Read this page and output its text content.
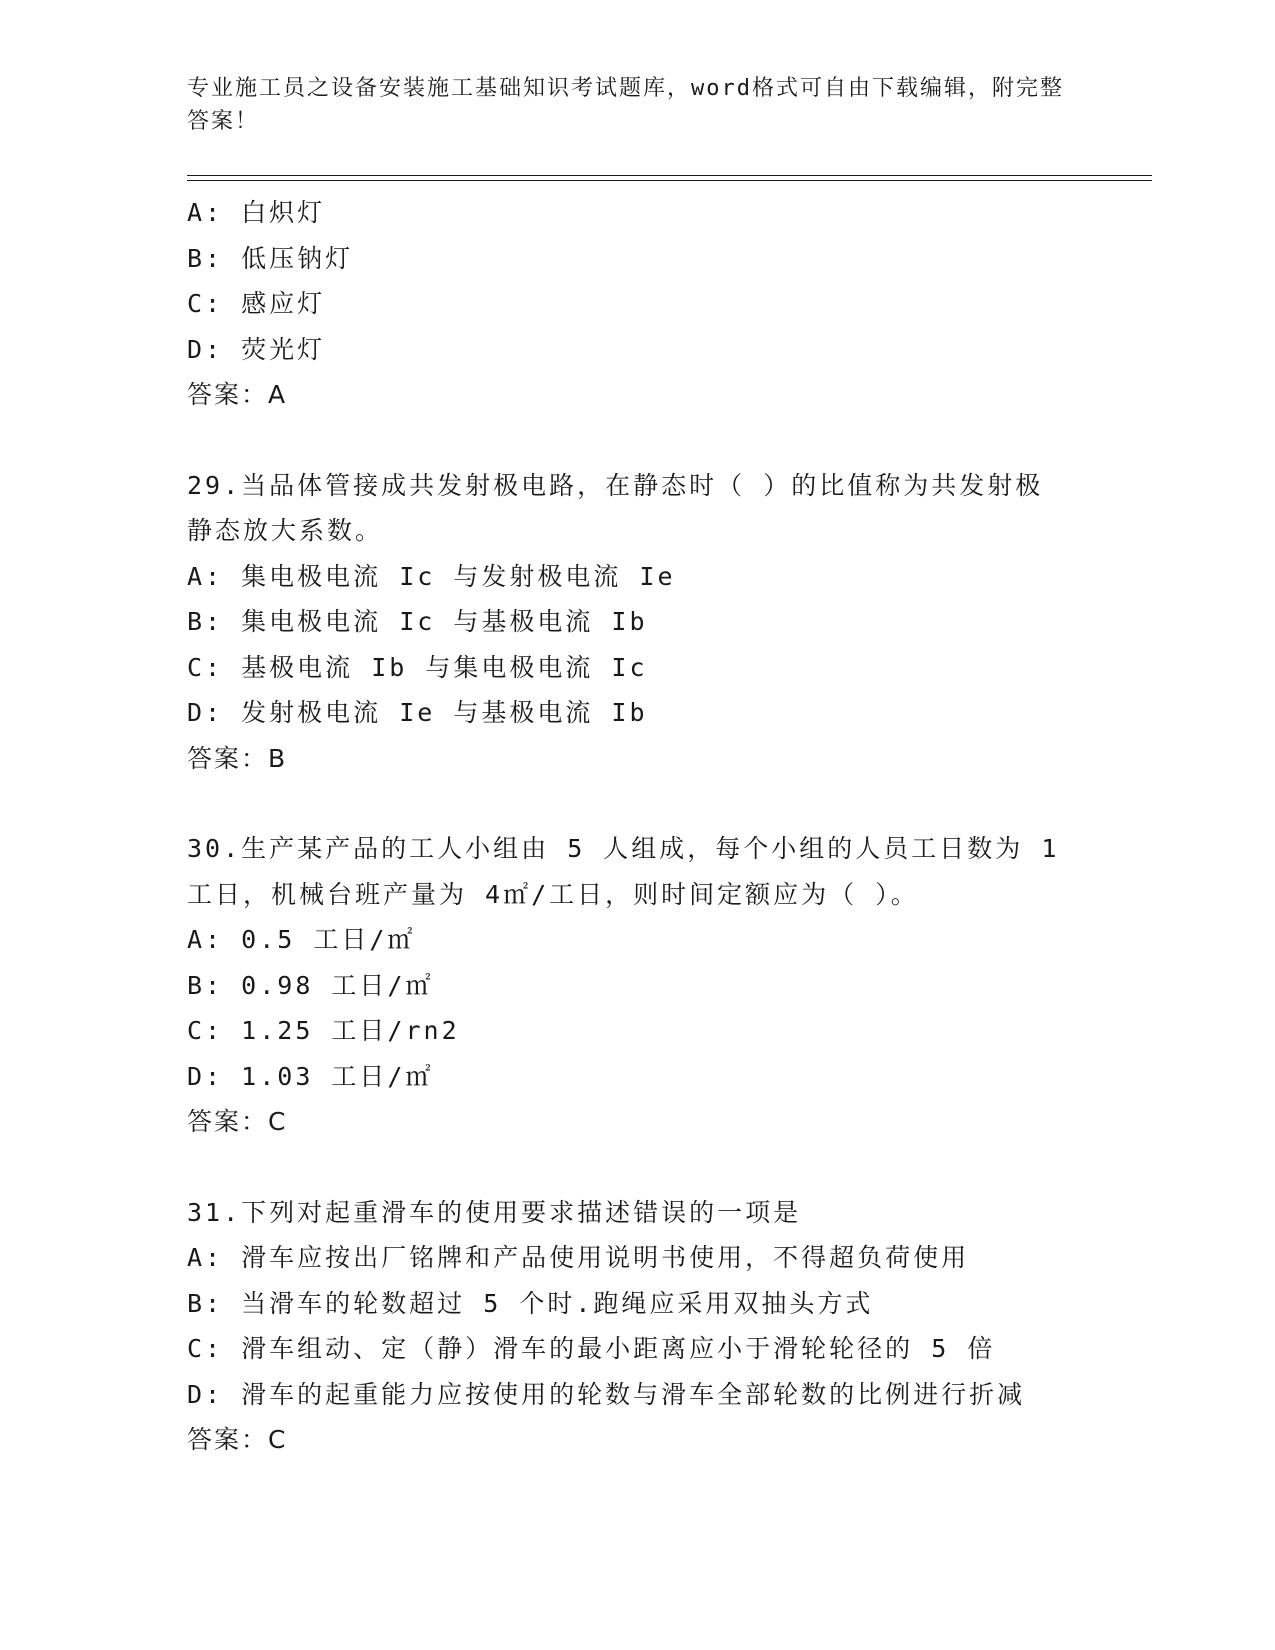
专业施工员之设备安装施工基础知识考试题库，word格式可自由下载编辑，附完整答案！
A: 白炽灯
B: 低压钠灯
C: 感应灯
D: 荧光灯
答案：A
29.当品体管接成共发射极电路，在静态时（ ）的比值称为共发射极静态放大系数。
A: 集电极电流 Ic 与发射极电流 Ie
B: 集电极电流 Ic 与基极电流 Ib
C: 基极电流 Ib 与集电极电流 Ic
D: 发射极电流 Ie 与基极电流 Ib
答案：B
30.生产某产品的工人小组由 5 人组成，每个小组的人员工日数为 1 工日，机械台班产量为 4㎡/工日，则时间定额应为（ ）。
A: 0.5 工日/㎡
B: 0.98 工日/㎡
C: 1.25 工日/rn2
D: 1.03 工日/㎡
答案：C
31.下列对起重滑车的使用要求描述错误的一项是
A: 滑车应按出厂铭牌和产品使用说明书使用，不得超负荷使用
B: 当滑车的轮数超过 5 个时.跑绳应采用双抽头方式
C: 滑车组动、定（静）滑车的最小距离应小于滑轮轮径的 5 倍
D: 滑车的起重能力应按使用的轮数与滑车全部轮数的比例进行折减
答案：C
